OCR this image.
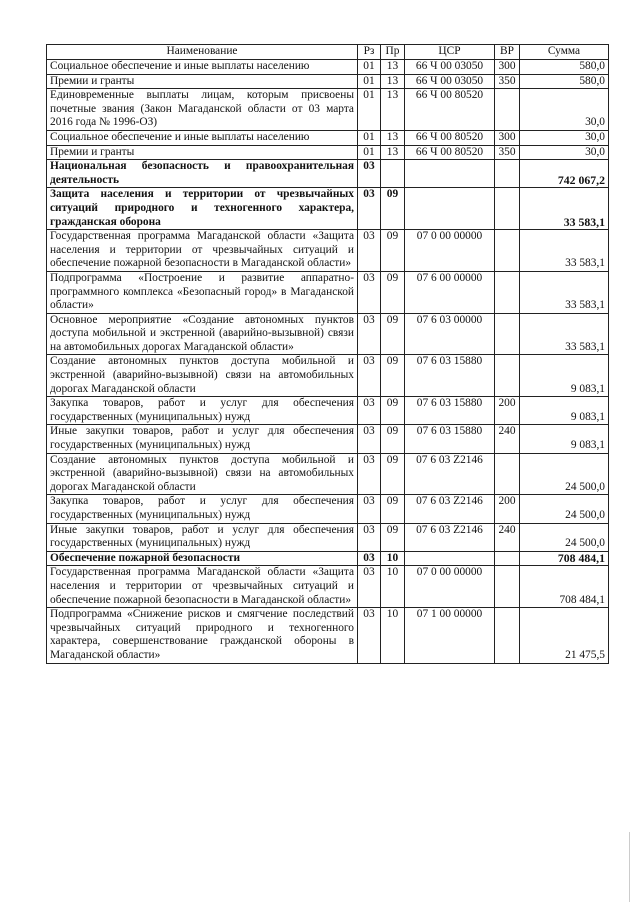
Наименование	Рз	Пр	ЦСР	ВР	Сумма
Социальное обеспечение и иные выплаты населению	01	13	66 Ч 00 03050	300	580,0
Премии и гранты	01	13	66 Ч 00 03050	350	580,0
Единовременные выплаты лицам, которым присвоены почетные звания (Закон Магаданской области от 03 марта 2016 года № 1996-ОЗ)	01	13	66 Ч 00 80520		30,0
Социальное обеспечение и иные выплаты населению	01	13	66 Ч 00 80520	300	30,0
Премии и гранты	01	13	66 Ч 00 80520	350	30,0
Национальная безопасность и правоохранительная деятельность	03				742 067,2
Защита населения и территории от чрезвычайных ситуаций природного и техногенного характера, гражданская оборона	03	09			33 583,1
Государственная программа Магаданской области «Защита населения и территории от чрезвычайных ситуаций и обеспечение пожарной безопасности в Магаданской области»	03	09	07 0 00 00000		33 583,1
Подпрограмма «Построение и развитие аппаратно-программного комплекса «Безопасный город» в Магаданской области»	03	09	07 6 00 00000		33 583,1
Основное мероприятие «Создание автономных пунктов доступа мобильной и экстренной (аварийно-вызывной) связи на автомобильных дорогах Магаданской области»	03	09	07 6 03 00000		33 583,1
Создание автономных пунктов доступа мобильной и экстренной (аварийно-вызывной) связи на автомобильных дорогах Магаданской области	03	09	07 6 03 15880		9 083,1
Закупка товаров, работ и услуг для обеспечения государственных (муниципальных) нужд	03	09	07 6 03 15880	200	9 083,1
Иные закупки товаров, работ и услуг для обеспечения государственных (муниципальных) нужд	03	09	07 6 03 15880	240	9 083,1
Создание автономных пунктов доступа мобильной и экстренной (аварийно-вызывной) связи на автомобильных дорогах Магаданской области	03	09	07 6 03 Z2146		24 500,0
Закупка товаров, работ и услуг для обеспечения государственных (муниципальных) нужд	03	09	07 6 03 Z2146	200	24 500,0
Иные закупки товаров, работ и услуг для обеспечения государственных (муниципальных) нужд	03	09	07 6 03 Z2146	240	24 500,0
Обеспечение пожарной безопасности	03	10			708 484,1
Государственная программа Магаданской области «Защита населения и территории от чрезвычайных ситуаций и обеспечение пожарной безопасности в Магаданской области»	03	10	07 0 00 00000		708 484,1
Подпрограмма «Снижение рисков и смягчение последствий чрезвычайных ситуаций природного и техногенного характера, совершенствование гражданской обороны в Магаданской области»	03	10	07 1 00 00000		21 475,5
